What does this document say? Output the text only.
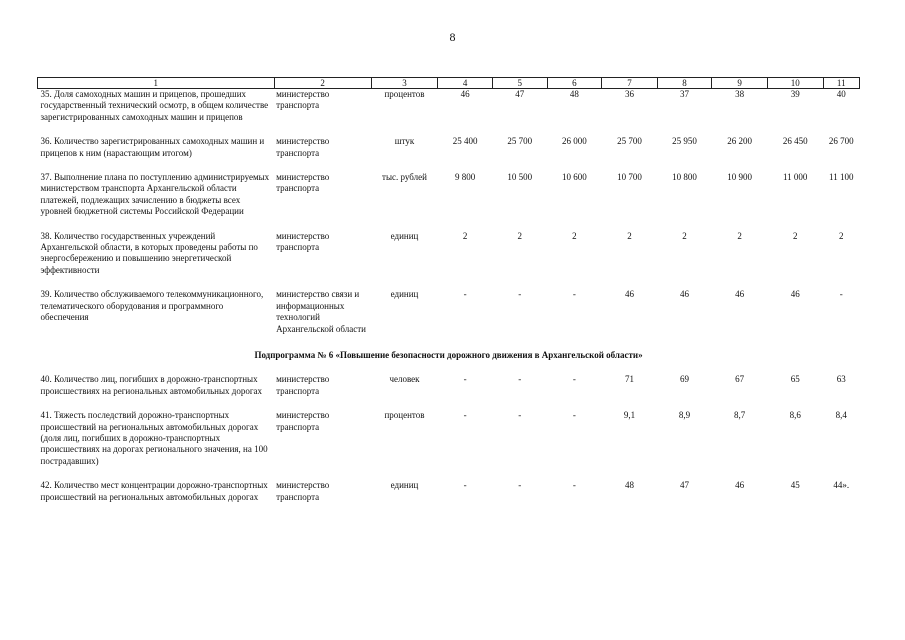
8
1	2	3	4	5	6	7	8	9	10	11
35. Доля самоходных машин и прицепов, прошедших государственный технический осмотр, в общем количестве зарегистрированных самоходных машин и прицепов	министерство транспорта	процентов	46	47	48	36	37	38	39	40
36. Количество зарегистрированных самоходных машин и прицепов к ним (нарастающим итогом)	министерство транспорта	штук	25 400	25 700	26 000	25 700	25 950	26 200	26 450	26 700
37. Выполнение плана по поступлению администрируемых министерством транспорта Архангельской области платежей, подлежащих зачислению в бюджеты всех уровней бюджетной системы Российской Федерации	министерство транспорта	тыс. рублей	9 800	10 500	10 600	10 700	10 800	10 900	11 000	11 100
38. Количество государственных учреждений Архангельской области, в которых проведены работы по энергосбережению и повышению энергетической эффективности	министерство транспорта	единиц	2	2	2	2	2	2	2	2
39. Количество обслуживаемого телекоммуникационного, телематического оборудования и программного обеспечения	министерство связи и информационных технологий Архангельской области	единиц	-	-	-	46	46	46	46	-
Подпрограмма № 6 «Повышение безопасности дорожного движения в Архангельской области»										
40. Количество лиц, погибших в дорожно-транспортных происшествиях на региональных автомобильных дорогах	министерство транспорта	человек	-	-	-	71	69	67	65	63
41. Тяжесть последствий дорожно-транспортных происшествий на региональных автомобильных дорогах (доля лиц, погибших в дорожно-транспортных происшествиях на дорогах регионального значения, на 100 пострадавших)	министерство транспорта	процентов	-	-	-	9,1	8,9	8,7	8,6	8,4
42. Количество мест концентрации дорожно-транспортных происшествий на региональных автомобильных дорогах	министерство транспорта	единиц	-	-	-	48	47	46	45	44».
